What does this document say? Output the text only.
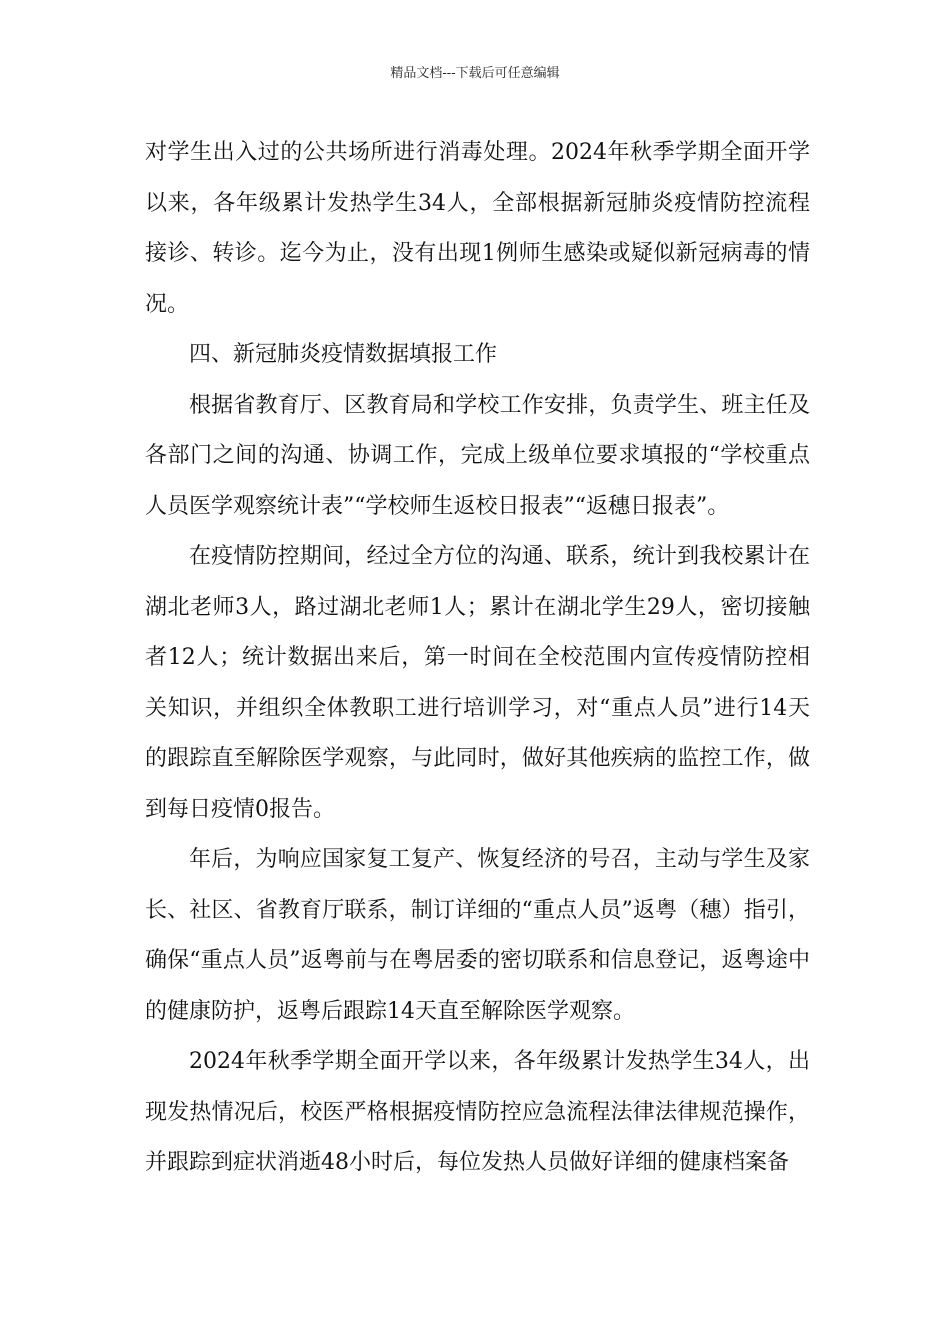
精品文档---下载后可任意编辑

对学生出入过的公共场所进行消毒处理。2024年秋季学期全面开学以来，各年级累计发热学生34人，全部根据新冠肺炎疫情防控流程接诊、转诊。迄今为止，没有出现1例师生感染或疑似新冠病毒的情况。

四、新冠肺炎疫情数据填报工作

根据省教育厅、区教育局和学校工作安排，负责学生、班主任及各部门之间的沟通、协调工作，完成上级单位要求填报的“学校重点人员医学观察统计表”“学校师生返校日报表”“返穗日报表”。

在疫情防控期间，经过全方位的沟通、联系，统计到我校累计在湖北老师3人，路过湖北老师1人；累计在湖北学生29人，密切接触者12人；统计数据出来后，第一时间在全校范围内宣传疫情防控相关知识，并组织全体教职工进行培训学习，对“重点人员”进行14天的跟踪直至解除医学观察，与此同时，做好其他疾病的监控工作，做到每日疫情0报告。

年后，为响应国家复工复产、恢复经济的号召，主动与学生及家长、社区、省教育厅联系，制订详细的“重点人员”返粤（穗）指引，确保“重点人员”返粤前与在粤居委的密切联系和信息登记，返粤途中的健康防护，返粤后跟踪14天直至解除医学观察。

2024年秋季学期全面开学以来，各年级累计发热学生34人，出现发热情况后，校医严格根据疫情防控应急流程法律法律规范操作，并跟踪到症状消逝48小时后，每位发热人员做好详细的健康档案备
